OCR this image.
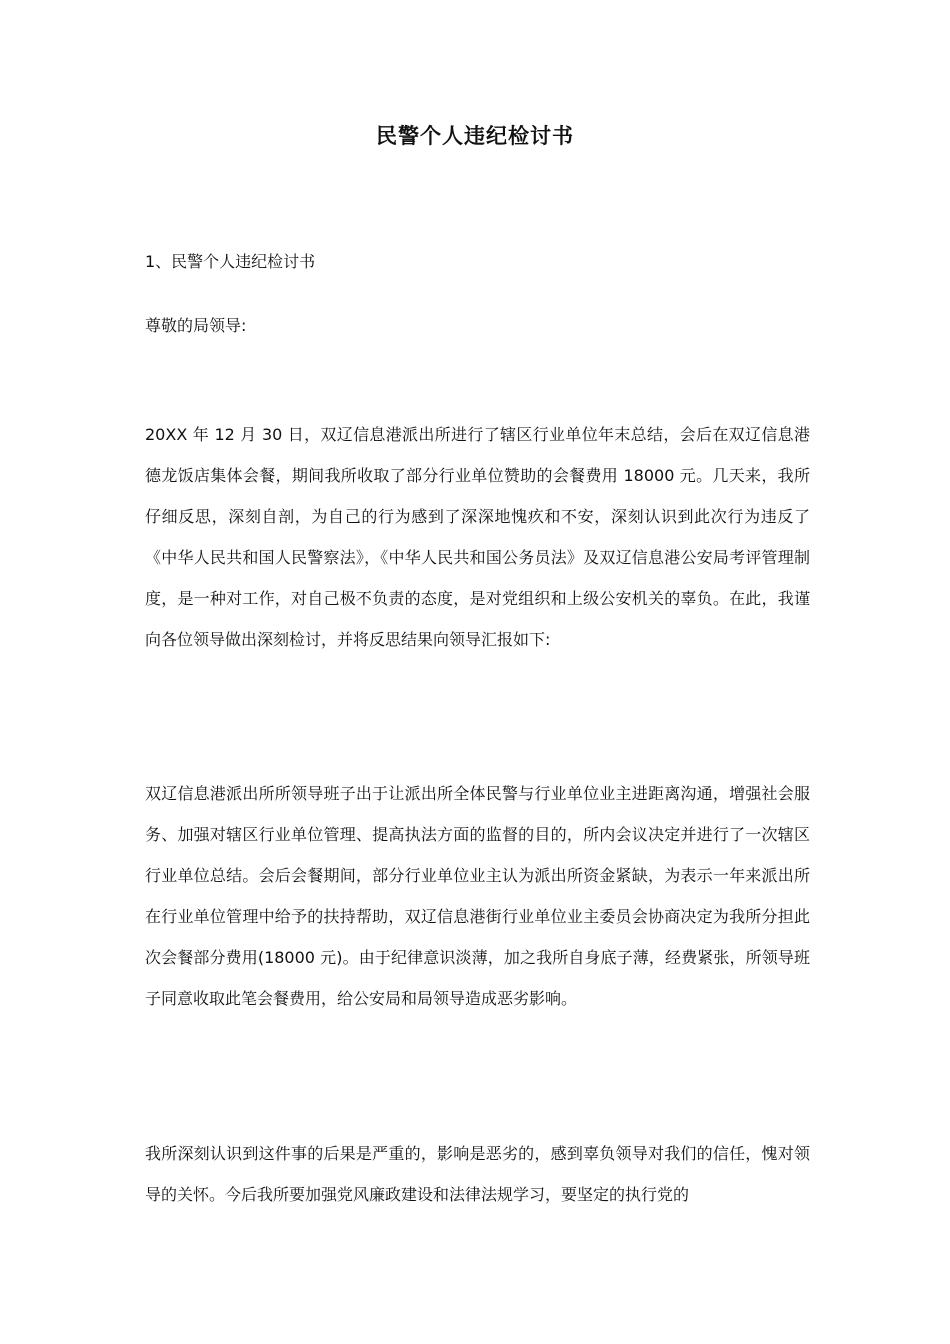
民警个人违纪检讨书
1、民警个人违纪检讨书
尊敬的局领导:
20XX 年 12 月 30 日，双辽信息港派出所进行了辖区行业单位年末总结，会后在双辽信息港德龙饭店集体会餐，期间我所收取了部分行业单位赞助的会餐费用 18000 元。几天来，我所仔细反思，深刻自剖，为自己的行为感到了深深地愧疚和不安，深刻认识到此次行为违反了《中华人民共和国人民警察法》，《中华人民共和国公务员法》及双辽信息港公安局考评管理制度，是一种对工作，对自己极不负责的态度，是对党组织和上级公安机关的辜负。在此，我谨向各位领导做出深刻检讨，并将反思结果向领导汇报如下:
双辽信息港派出所所领导班子出于让派出所全体民警与行业单位业主进距离沟通，增强社会服务、加强对辖区行业单位管理、提高执法方面的监督的目的，所内会议决定并进行了一次辖区行业单位总结。会后会餐期间，部分行业单位业主认为派出所资金紧缺，为表示一年来派出所在行业单位管理中给予的扶持帮助，双辽信息港街行业单位业主委员会协商决定为我所分担此次会餐部分费用(18000 元)。由于纪律意识淡薄，加之我所自身底子薄，经费紧张，所领导班子同意收取此笔会餐费用，给公安局和局领导造成恶劣影响。
我所深刻认识到这件事的后果是严重的，影响是恶劣的，感到辜负领导对我们的信任，愧对领导的关怀。今后我所要加强党风廉政建设和法律法规学习，要坚定的执行党的
